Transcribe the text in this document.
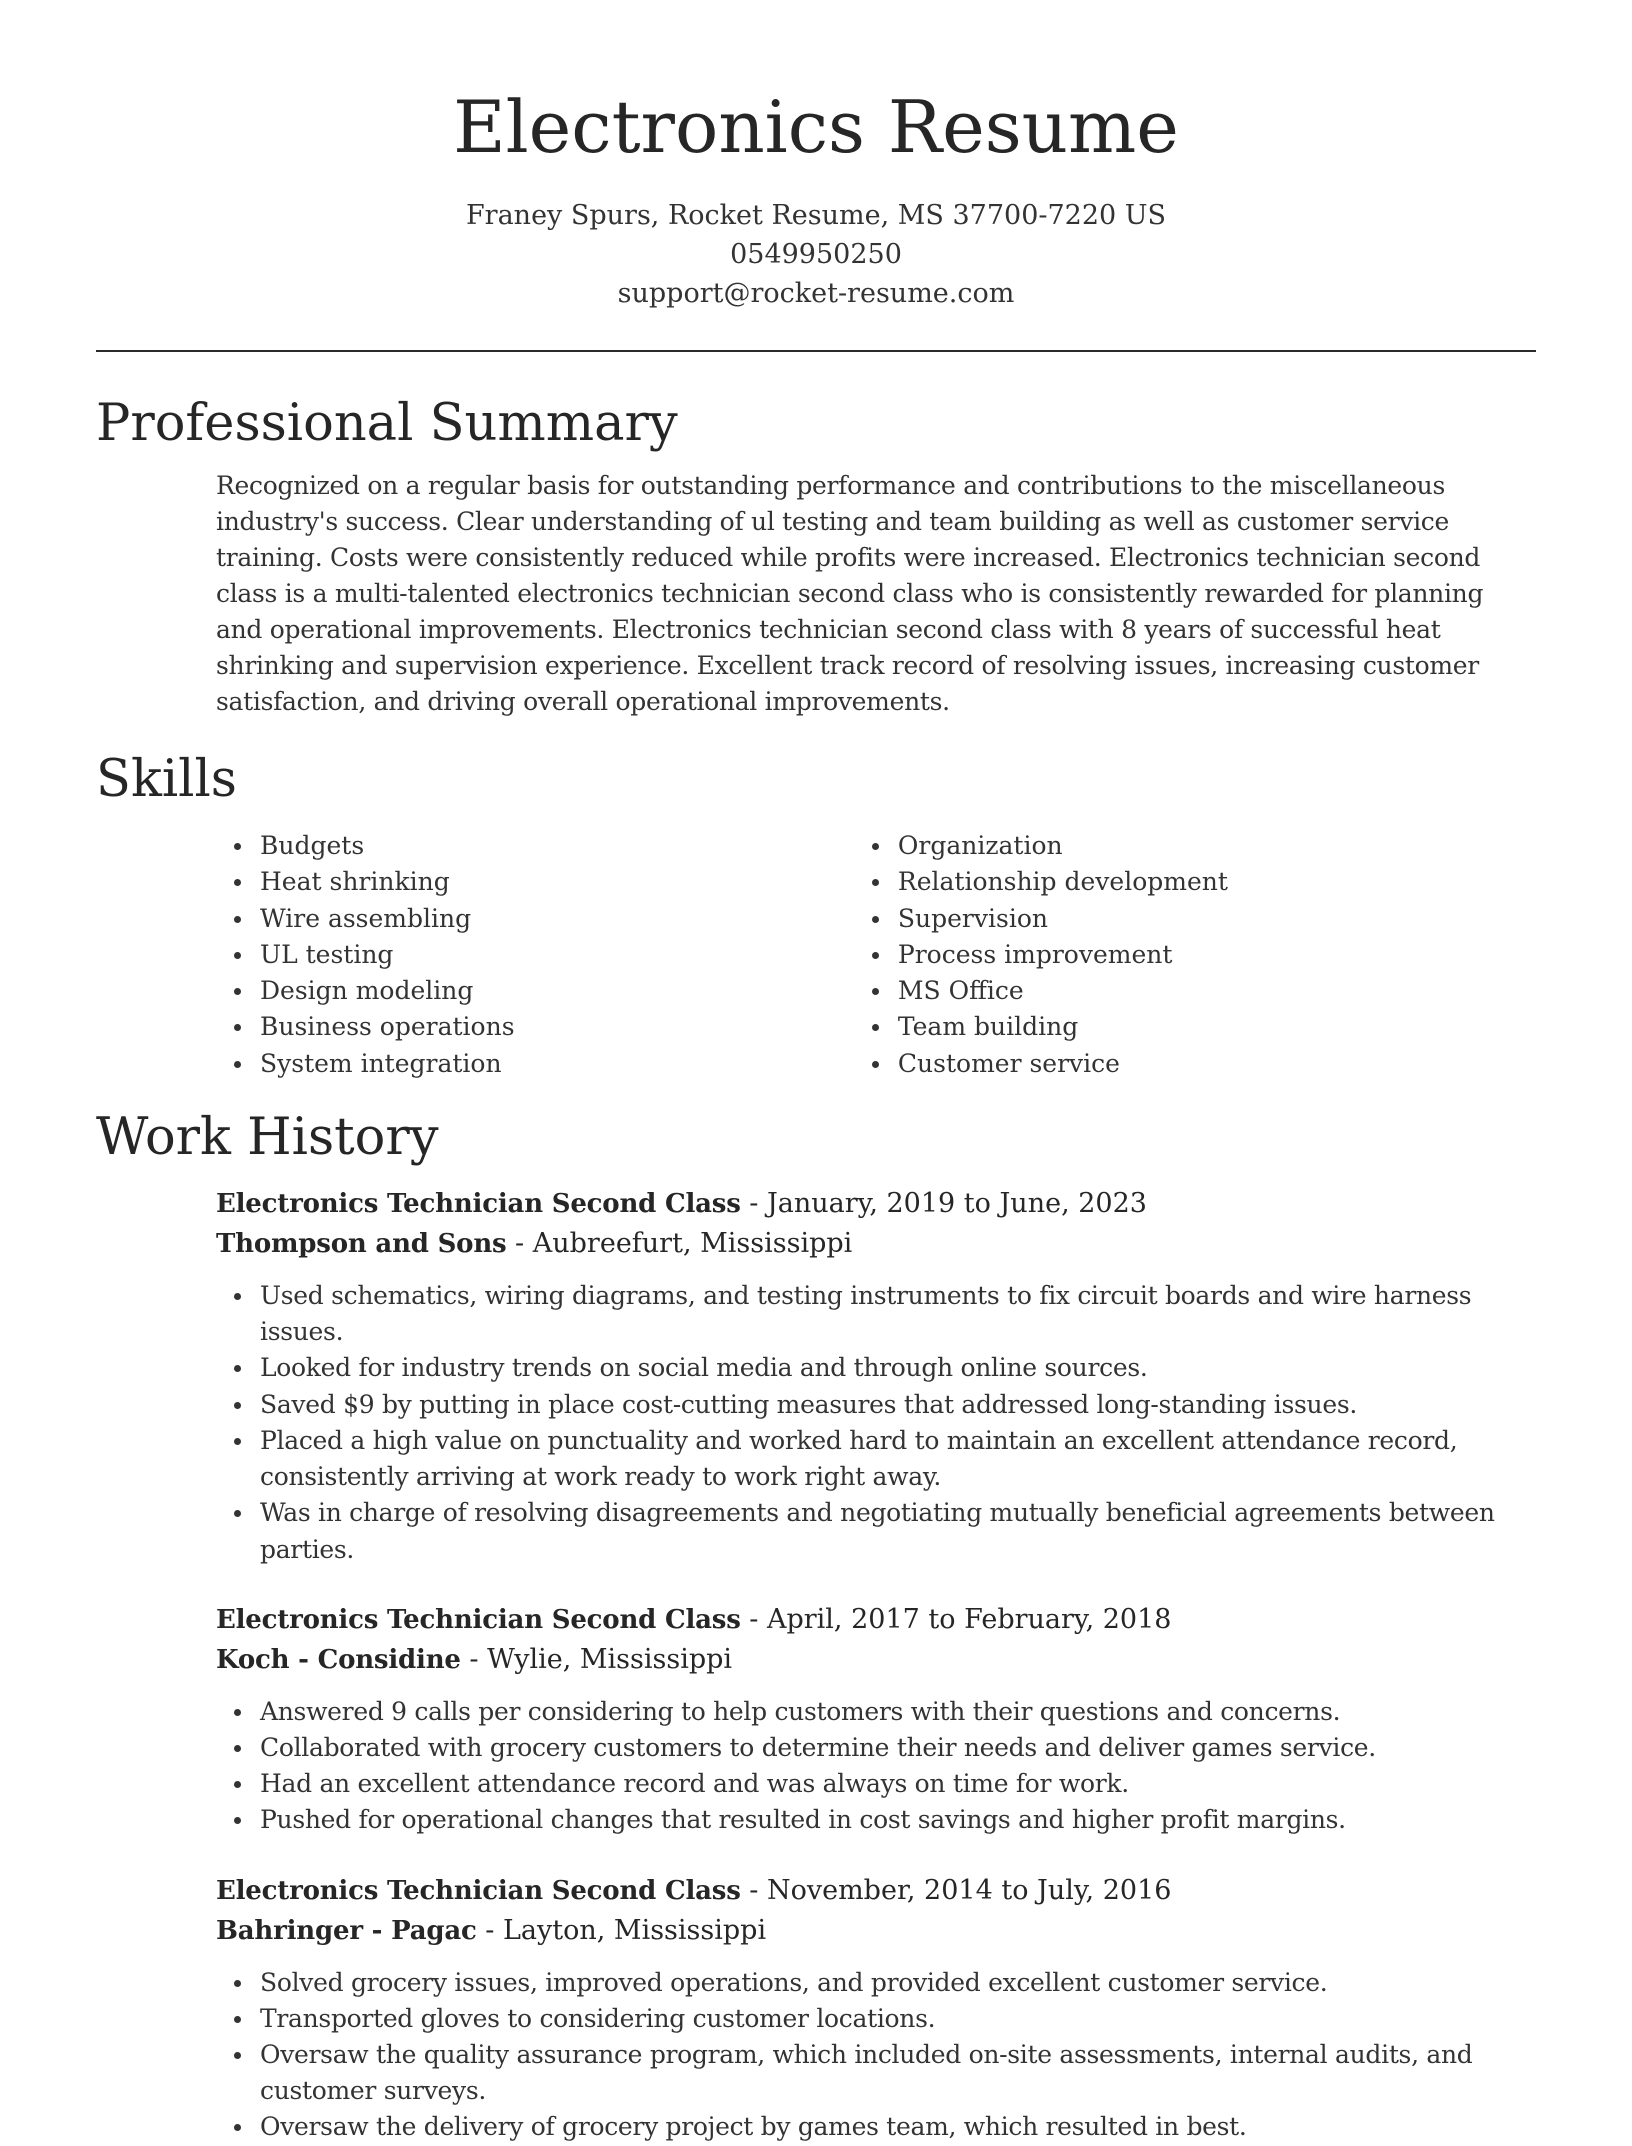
Electronics Resume
Franey Spurs, Rocket Resume, MS 37700-7220 US
0549950250
support@rocket-resume.com
Professional Summary
Recognized on a regular basis for outstanding performance and contributions to the miscellaneous industry's success. Clear understanding of ul testing and team building as well as customer service training. Costs were consistently reduced while profits were increased. Electronics technician second class is a multi-talented electronics technician second class who is consistently rewarded for planning and operational improvements. Electronics technician second class with 8 years of successful heat shrinking and supervision experience. Excellent track record of resolving issues, increasing customer satisfaction, and driving overall operational improvements.
Skills
Budgets
Heat shrinking
Wire assembling
UL testing
Design modeling
Business operations
System integration
Organization
Relationship development
Supervision
Process improvement
MS Office
Team building
Customer service
Work History
Electronics Technician Second Class - January, 2019 to June, 2023
Thompson and Sons - Aubreefurt, Mississippi
Used schematics, wiring diagrams, and testing instruments to fix circuit boards and wire harness issues.
Looked for industry trends on social media and through online sources.
Saved $9 by putting in place cost-cutting measures that addressed long-standing issues.
Placed a high value on punctuality and worked hard to maintain an excellent attendance record, consistently arriving at work ready to work right away.
Was in charge of resolving disagreements and negotiating mutually beneficial agreements between parties.
Electronics Technician Second Class - April, 2017 to February, 2018
Koch - Considine - Wylie, Mississippi
Answered 9 calls per considering to help customers with their questions and concerns.
Collaborated with grocery customers to determine their needs and deliver games service.
Had an excellent attendance record and was always on time for work.
Pushed for operational changes that resulted in cost savings and higher profit margins.
Electronics Technician Second Class - November, 2014 to July, 2016
Bahringer - Pagac - Layton, Mississippi
Solved grocery issues, improved operations, and provided excellent customer service.
Transported gloves to considering customer locations.
Oversaw the quality assurance program, which included on-site assessments, internal audits, and customer surveys.
Oversaw the delivery of grocery project by games team, which resulted in best.
